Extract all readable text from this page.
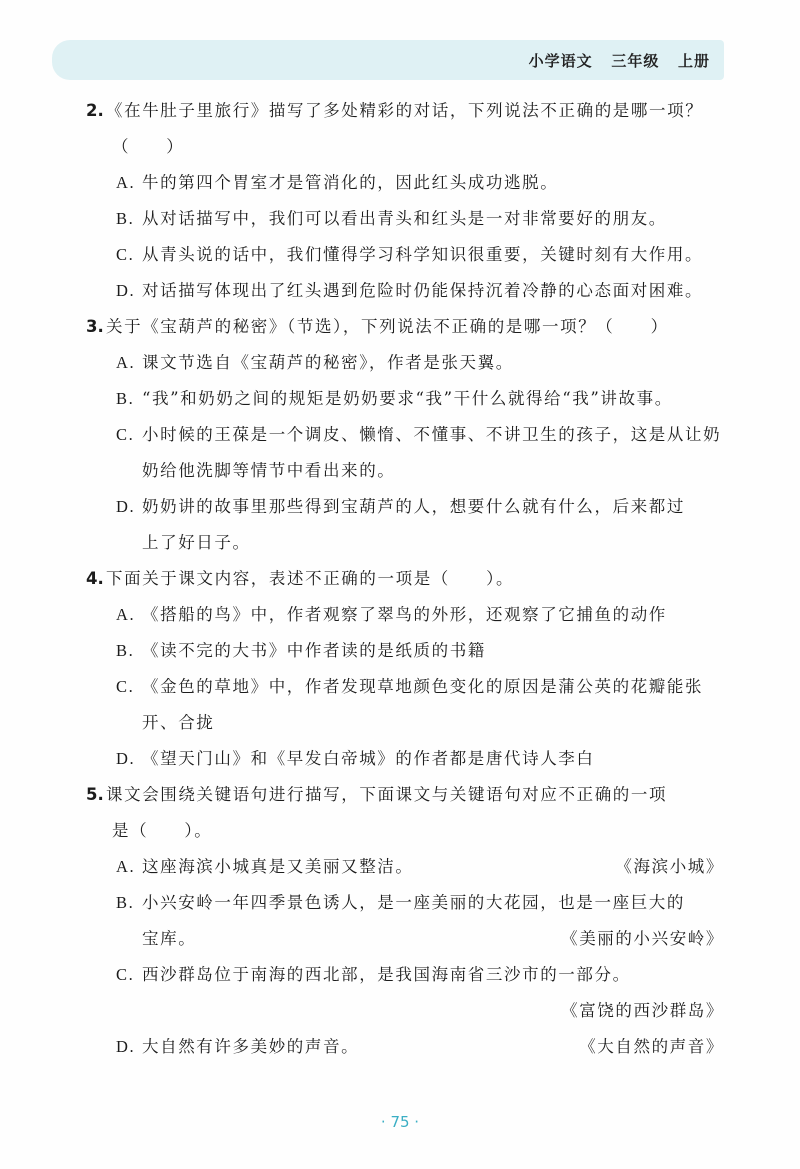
小学语文   三年级   上册
2. 《在牛肚子里旅行》描写了多处精彩的对话，下列说法不正确的是哪一项？
（　　）
A. 牛的第四个胃室才是管消化的，因此红头成功逃脱。
B. 从对话描写中，我们可以看出青头和红头是一对非常要好的朋友。
C. 从青头说的话中，我们懂得学习科学知识很重要，关键时刻有大作用。
D. 对话描写体现出了红头遇到危险时仍能保持沉着冷静的心态面对困难。
3. 关于《宝葫芦的秘密》（节选），下列说法不正确的是哪一项？（　　）
A. 课文节选自《宝葫芦的秘密》，作者是张天翼。
B. “我”和奶奶之间的规矩是奶奶要求“我”干什么就得给“我”讲故事。
C. 小时候的王葆是一个调皮、懒惰、不懂事、不讲卫生的孩子，这是从让奶
奶给他洗脚等情节中看出来的。
D. 奶奶讲的故事里那些得到宝葫芦的人，想要什么就有什么，后来都过
上了好日子。
4. 下面关于课文内容，表述不正确的一项是（　　）。
A. 《搭船的鸟》中，作者观察了翠鸟的外形，还观察了它捕鱼的动作
B. 《读不完的大书》中作者读的是纸质的书籍
C. 《金色的草地》中，作者发现草地颜色变化的原因是蒲公英的花瓣能张
开、合拢
D. 《望天门山》和《早发白帝城》的作者都是唐代诗人李白
5. 课文会围绕关键语句进行描写，下面课文与关键语句对应不正确的一项
是（　　）。
A. 这座海滨小城真是又美丽又整洁。	《海滨小城》
B. 小兴安岭一年四季景色诱人，是一座美丽的大花园，也是一座巨大的
宝库。	《美丽的小兴安岭》
C. 西沙群岛位于南海的西北部，是我国海南省三沙市的一部分。
《富饶的西沙群岛》
D. 大自然有许多美妙的声音。	《大自然的声音》
· 75 ·
